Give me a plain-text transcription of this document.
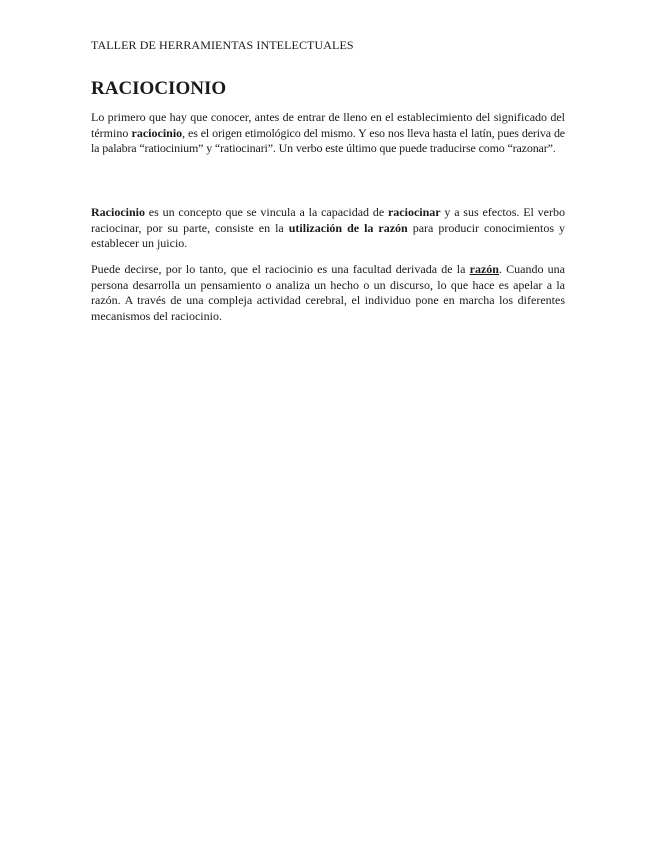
TALLER DE HERRAMIENTAS INTELECTUALES
RACIOCIONIO

Lo primero que hay que conocer, antes de entrar de lleno en el establecimiento del significado del término raciocinio, es el origen etimológico del mismo. Y eso nos lleva hasta el latín, pues deriva de la palabra “ratiocinium” y “ratiocinari”. Un verbo este último que puede traducirse como “razonar”.

Raciocinio es un concepto que se vincula a la capacidad de raciocinar y a sus efectos. El verbo raciocinar, por su parte, consiste en la utilización de la razón para producir conocimientos y establecer un juicio.

Puede decirse, por lo tanto, que el raciocinio es una facultad derivada de la razón. Cuando una persona desarrolla un pensamiento o analiza un hecho o un discurso, lo que hace es apelar a la razón. A través de una compleja actividad cerebral, el individuo pone en marcha los diferentes mecanismos del raciocinio.
